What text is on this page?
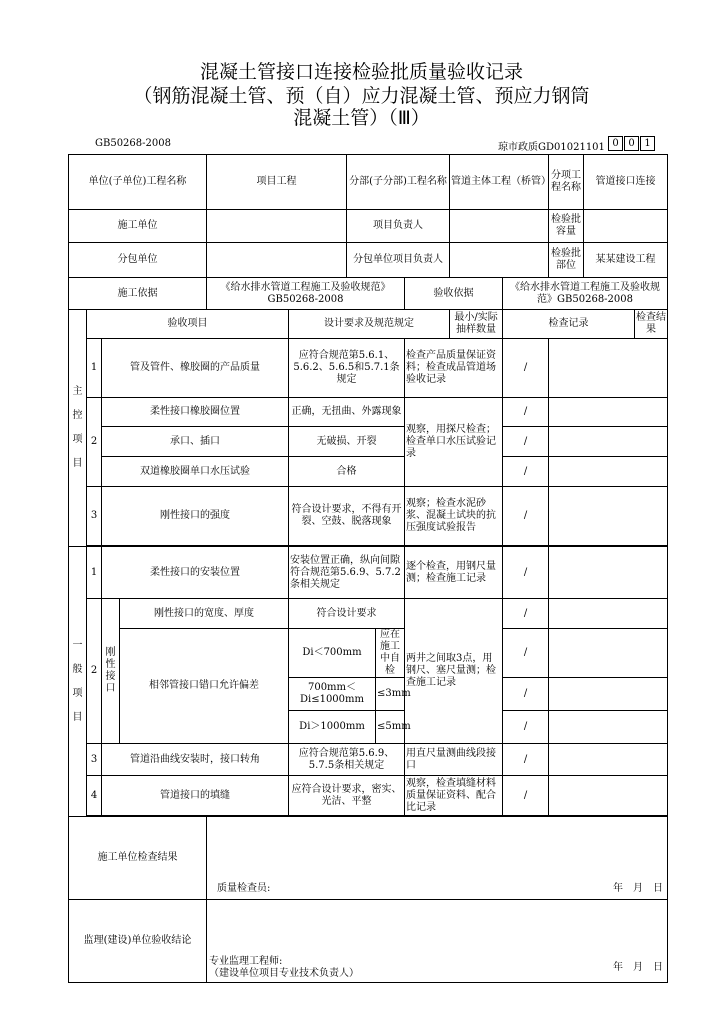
混凝土管接口连接检验批质量验收记录
（钢筋混凝土管、预（自）应力混凝土管、预应力钢筒
混凝土管）（Ⅲ）
GB50268-2008	琼市政质GD01021101 0 0 1
单位(子单位)工程名称				项目工程		分部(子分部)工程名称			管道主体工程（桥管）		分项工程名称	管道接口连接		
施工单位						项目负责人					检验批容量			
分包单位						分包单位项目负责人					检验批部位	某某建设工程		
施工依据				《给水排水管道工程施工及验收规范》GB50268-2008				验收依据		《给水排水管道工程施工及验收规范》GB50268-2008				
主
控
项
目	验收项目				设计要求及规范规定				最小/实际抽样数量	检查记录			检查结果	
	1	管及管件、橡胶圈的产品质量			应符合规范第5.6.1、5.6.2、5.6.5和5.7.1条规定			检查产品质量保证资料；检查成品管道场验收记录		/				
	2	柔性接口橡胶圈位置			正确，无扭曲、外露现象			观察，用探尺检查；检查单口水压试验记录		/				
		承口、插口			无破损、开裂					/				
		双道橡胶圈单口水压试验			合格					/				
	3	刚性接口的强度			符合设计要求，不得有开裂、空鼓、脱落现象			观察；检查水泥砂浆、混凝土试块的抗压强度试验报告		/				

一
般
项
目	1	柔性接口的安装位置			安装位置正确，纵向间隙符合规范第5.6.9、5.7.2条相关规定			逐个检查，用钢尺量测；检查施工记录		/				
	2	刚性接口	刚性接口的宽度、厚度		符合设计要求			两井之间取3点，用钢尺、塞尺量测；检查施工记录		/				
			相邻管接口错口允许偏差		Di＜700mm		应在施工中自检			/				
					700mm＜Di≤1000mm		≤3mm			/				
					Di＞1000mm		≤5mm			/				
	3	管道沿曲线安装时，接口转角			应符合规范第5.6.9、5.7.5条相关规定			用直尺量测曲线段接口		/				
	4	管道接口的填缝			应符合设计要求，密实、光洁、平整			观察，检查填缝材料质量保证资料、配合比记录		/				

施工单位检查结果				质量检查员: 年　月　日										

监理(建设)单位验收结论				专业监理工程师:
（建设单位项目专业技术负责人）
年　月　日										
